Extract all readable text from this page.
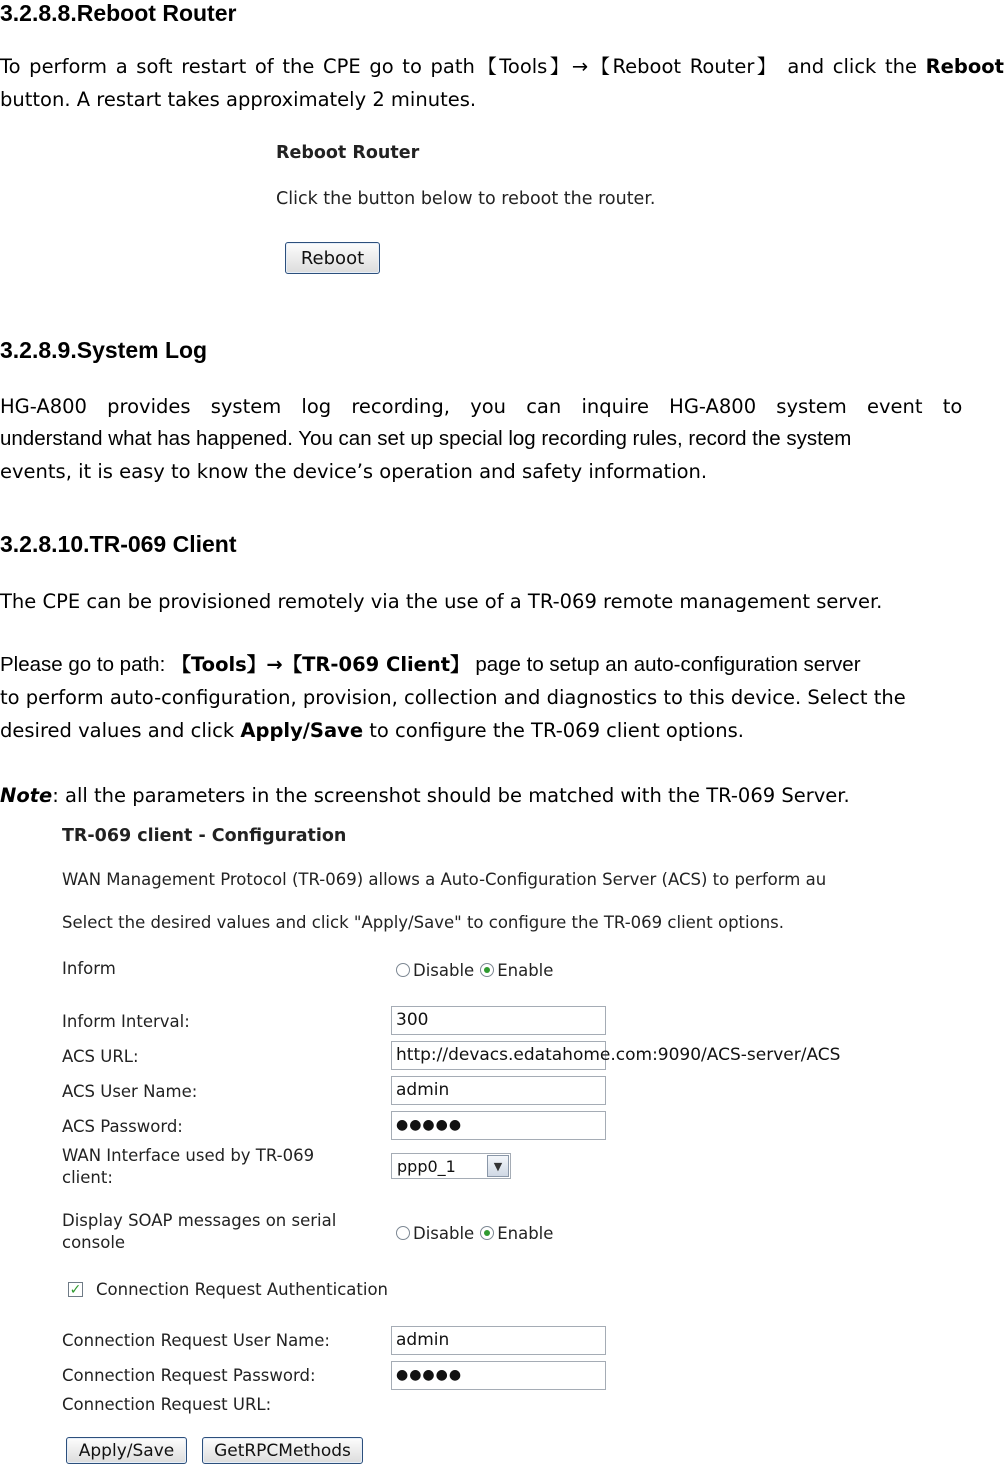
3.2.8.8.Reboot Router
To perform a soft restart of the CPE go to path【Tools】→【Reboot Router】 and click the Reboot button. A restart takes approximately 2 minutes.
Reboot Router
Click the button below to reboot the router.
Reboot
3.2.8.9.System Log
HG-A800 provides system log recording, you can inquire HG-A800 system event to
understand what has happened. You can set up special log recording rules, record the system
events, it is easy to know the device’s operation and safety information.
3.2.8.10.TR-069 Client
The CPE can be provisioned remotely via the use of a TR-069 remote management server.
Please go to path: 【Tools】→【TR-069 Client】 page to setup an auto-configuration server
to perform auto-configuration, provision, collection and diagnostics to this device. Select the
desired values and click Apply/Save to configure the TR-069 client options.
Note: all the parameters in the screenshot should be matched with the TR-069 Server.
TR-069 client - Configuration
WAN Management Protocol (TR-069) allows a Auto-Configuration Server (ACS) to perform au
Select the desired values and click "Apply/Save" to configure the TR-069 client options.
Inform	Disable Enable
Inform Interval:	300
ACS URL:	http://devacs.edatahome.com:9090/ACS-server/ACS
ACS User Name:	admin
ACS Password:	●●●●●
WAN Interface used by TR-069
client:
ppp0_1	▼
Display SOAP messages on serial
console	Disable Enable
✓ Connection Request Authentication
Connection Request User Name:	admin
Connection Request Password:	●●●●●
Connection Request URL:
Apply/Save	GetRPCMethods
